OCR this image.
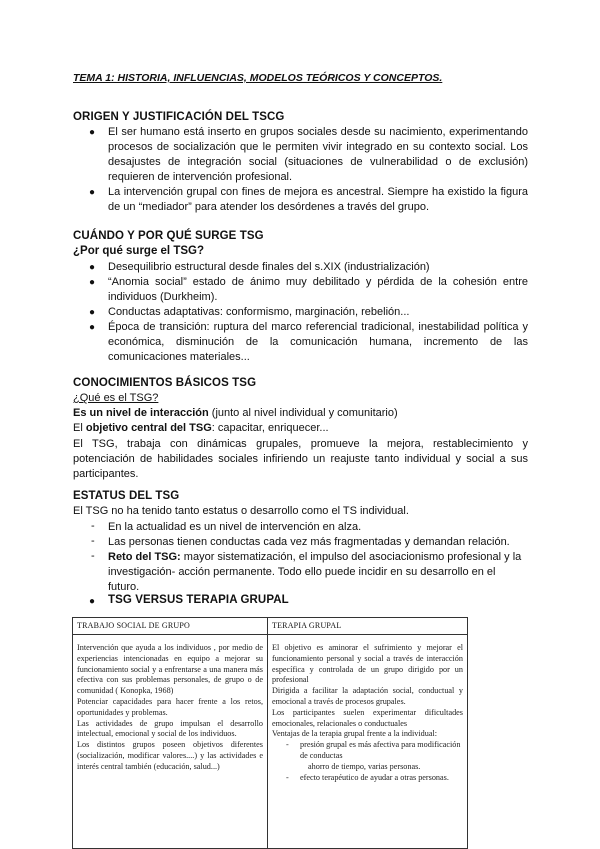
TEMA 1: HISTORIA, INFLUENCIAS, MODELOS TEÓRICOS Y CONCEPTOS.
ORIGEN Y JUSTIFICACIÓN DEL TSCG
● El ser humano está inserto en grupos sociales desde su nacimiento, experimentando procesos de socialización que le permiten vivir integrado en su contexto social. Los desajustes de integración social (situaciones de vulnerabilidad o de exclusión) requieren de intervención profesional.
● La intervención grupal con fines de mejora es ancestral. Siempre ha existido la figura de un “mediador” para atender los desórdenes a través del grupo.
CUÁNDO Y POR QUÉ SURGE TSG
¿Por qué surge el TSG?
● Desequilibrio estructural desde finales del s.XIX (industrialización)
● “Anomia social” estado de ánimo muy debilitado y pérdida de la cohesión entre individuos (Durkheim).
● Conductas adaptativas: conformismo, marginación, rebelión...
● Época de transición: ruptura del marco referencial tradicional, inestabilidad política y económica, disminución de la comunicación humana, incremento de las comunicaciones materiales...
CONOCIMIENTOS BÁSICOS TSG
¿Qué es el TSG?
Es un nivel de interacción (junto al nivel individual y comunitario)
El objetivo central del TSG: capacitar, enriquecer...
El TSG, trabaja con dinámicas grupales, promueve la mejora, restablecimiento y potenciación de habilidades sociales infiriendo un reajuste tanto individual y social a sus participantes.
ESTATUS DEL TSG
El TSG no ha tenido tanto estatus o desarrollo como el TS individual.
- En la actualidad es un nivel de intervención en alza.
- Las personas tienen conductas cada vez más fragmentadas y demandan relación.
- Reto del TSG: mayor sistematización, el impulso del asociacionismo profesional y la investigación- acción permanente. Todo ello puede incidir en su desarrollo en el futuro.
● TSG VERSUS TERAPIA GRUPAL
TRABAJO SOCIAL DE GRUPO	TERAPIA GRUPAL
Intervención que ayuda a los individuos , por medio de experiencias intencionadas en equipo a mejorar su funcionamiento social y a enfrentarse a una manera más efectiva con sus problemas personales, de grupo o de comunidad ( Konopka, 1968)
Potenciar capacidades para hacer frente a los retos, oportunidades y problemas.
Las actividades de grupo impulsan el desarrollo intelectual, emocional y social de los individuos.
Los distintos grupos poseen objetivos diferentes (socialización, modificar valores....) y las actividades e interés central también (educación, salud...)
El objetivo es aminorar el sufrimiento y mejorar el funcionamiento personal y social a través de interacción específica y controlada de un grupo dirigido por un profesional
Dirigida a facilitar la adaptación social, conductual y emocional a través de procesos grupales.
Los participantes suelen experimentar dificultades emocionales, relacionales o conductuales
Ventajas de la terapia grupal frente a la individual:
- presión grupal es más afectiva para modificación de conductas
ahorro de tiempo, varias personas.
- efecto terapéutico de ayudar a otras personas.
